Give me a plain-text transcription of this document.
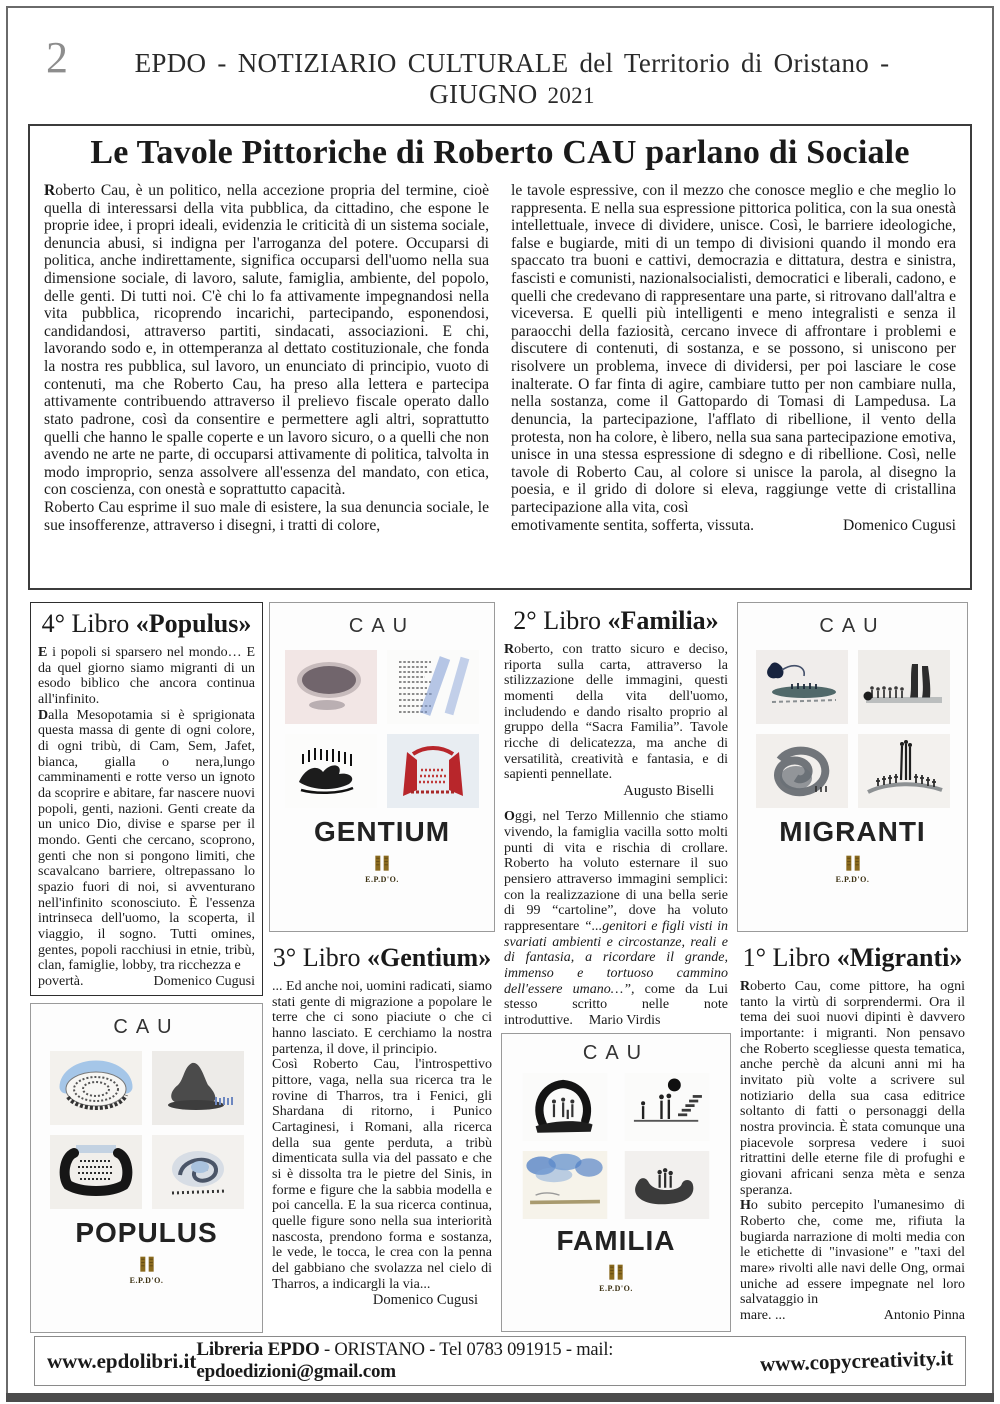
2	EPDO - NOTIZIARIO CULTURALE del Territorio di Oristano - GIUGNO 2021
Le Tavole Pittoriche di Roberto CAU parlano di Sociale

Roberto Cau, è un politico, nella accezione propria del termine, cioè quella di interessarsi della vita pubblica, da cittadino, che espone le proprie idee, i propri ideali, evidenzia le criticità di un sistema sociale, denuncia abusi, si indigna per l'arroganza del potere. Occuparsi di politica, anche indirettamente, significa occuparsi dell'uomo nella sua dimensione sociale, di lavoro, salute, famiglia, ambiente, del popolo, delle genti. Di tutti noi. C'è chi lo fa attivamente impegnandosi nella vita pubblica, ricoprendo incarichi, partecipando, esponendosi, candidandosi, attraverso partiti, sindacati, associazioni. E chi, lavorando sodo e, in ottemperanza al dettato costituzionale, che fonda la nostra res pubblica, sul lavoro, un enunciato di principio, vuoto di contenuti, ma che Roberto Cau, ha preso alla lettera e partecipa attivamente contribuendo attraverso il prelievo fiscale operato dallo stato padrone, così da consentire e permettere agli altri, soprattutto quelli che hanno le spalle coperte e un lavoro sicuro, o a quelli che non avendo ne arte ne parte, di occuparsi attivamente di politica, talvolta in modo improprio, senza assolvere all'essenza del mandato, con etica, con coscienza, con onestà e soprattutto capacità.

Roberto Cau esprime il suo male di esistere, la sua denuncia sociale, le sue insofferenze, attraverso i disegni, i tratti di colore,

le tavole espressive, con il mezzo che conosce meglio e che meglio lo rappresenta. E nella sua espressione pittorica politica, con la sua onestà intellettuale, invece di dividere, unisce. Così, le barriere ideologiche, false e bugiarde, miti di un tempo di divisioni quando il mondo era spaccato tra buoni e cattivi, democrazia e dittatura, destra e sinistra, fascisti e comunisti, nazionalsocialisti, democratici e liberali, cadono, e quelli che credevano di rappresentare una parte, si ritrovano dall'altra e viceversa. E quelli più intelligenti e meno integralisti e senza il paraocchi della faziosità, cercano invece di affrontare i problemi e discutere di contenuti, di sostanza, e se possono, si uniscono per risolvere un problema, invece di dividersi, per poi lasciare le cose inalterate. O far finta di agire, cambiare tutto per non cambiare nulla, nella sostanza, come il Gattopardo di Tomasi di Lampedusa. La denuncia, la partecipazione, l'afflato di ribellione, il vento della protesta, non ha colore, è libero, nella sua sana partecipazione emotiva, unisce in una stessa espressione di sdegno e di ribellione. Così, nelle tavole di Roberto Cau, al colore si unisce la parola, al disegno la poesia, e il grido di dolore si eleva, raggiunge vette di cristallina partecipazione alla vita, così

emotivamente sentita, sofferta, vissuta.	Domenico Cugusi
4° Libro «Populus»

E i popoli si sparsero nel mondo… E da quel giorno siamo migranti di un esodo biblico che ancora continua all'infinito.

Dalla Mesopotamia si è sprigionata questa massa di gente di ogni colore, di ogni tribù, di Cam, Sem, Jafet, bianca, gialla o nera,lungo camminamenti e rotte verso un ignoto da scoprire e abitare, far nascere nuovi popoli, genti, nazioni. Genti create da un unico Dio, divise e sparse per il mondo. Genti che cercano, scoprono, genti che non si pongono limiti, che scavalcano barriere, oltrepassano lo spazio fuori di noi, si avventurano nell'infinito sconosciuto. È l'essenza intrinseca dell'uomo, la scoperta, il viaggio, il sogno. Tutti omines, gentes, popoli racchiusi in etnie, tribù, clan, famiglie, lobby, tra ricchezza e

povertà.	Domenico Cugusi
CAU
POPULUS
E.P.D'O.
CAU
GENTIUM
E.P.D'O.
3° Libro «Gentium»

... Ed anche noi, uomini radicati, siamo stati gente di migrazione a popolare le terre che ci sono piaciute o che ci hanno lasciato. E cerchiamo la nostra partenza, il dove, il principio.

Così Roberto Cau, l'introspettivo pittore, vaga, nella sua ricerca tra le rovine di Tharros, tra i Fenici, gli Shardana di ritorno, i Punico Cartaginesi, i Romani, alla ricerca della sua gente perduta, a tribù dimenticata sulla via del passato e che si è dissolta tra le pietre del Sinis, in forme e figure che la sabbia modella e poi cancella. E la sua ricerca continua, quelle figure sono nella sua interiorità nascosta, prendono forma e sostanza, le vede, le tocca, le crea con la penna del gabbiano che svolazza nel cielo di Tharros, a indicargli la via...

Domenico Cugusi
2° Libro «Familia»

Roberto, con tratto sicuro e deciso, riporta sulla carta, attraverso la stilizzazione delle immagini, questi momenti della vita dell'uomo, includendo e dando risalto proprio al gruppo della “Sacra Familia”. Tavole ricche di delicatezza, ma anche di versatilità, creatività e fantasia, e di sapienti pennellate.

Augusto Biselli

Oggi, nel Terzo Millennio che stiamo vivendo, la famiglia vacilla sotto molti punti di vita e rischia di crollare. Roberto ha voluto esternare il suo pensiero attraverso immagini semplici: con la realizzazione di una bella serie di 99 “cartoline”, dove ha voluto rappresentare “...genitori e figli visti in svariati ambienti e circostanze, reali e di fantasia, a ricordare il grande, immenso e tortuoso cammino dell'essere umano…”, come da Lui stesso scritto nelle note introduttive. Mario Virdis

CAU
FAMILIA
E.P.D'O.
CAU
MIGRANTI
E.P.D'O.
1° Libro «Migranti»

Roberto Cau, come pittore, ha ogni tanto la virtù di sorprendermi. Ora il tema dei suoi nuovi dipinti è davvero importante: i migranti. Non pensavo che Roberto scegliesse questa tematica, anche perchè da alcuni anni mi ha invitato più volte a scrivere sul notiziario della sua casa editrice soltanto di fatti o personaggi della nostra provincia. È stata comunque una piacevole sorpresa vedere i suoi ritrattini delle eterne file di profughi e giovani africani senza mèta e senza speranza.

Ho subito percepito l'umanesimo di Roberto che, come me, rifiuta la bugiarda narrazione di molti media con le etichette di "invasione" e "taxi del mare» rivolti alle navi delle Ong, ormai uniche ad essere impegnate nel loro salvataggio in

mare. ...	Antonio Pinna
www.epdolibri.it Libreria EPDO - ORISTANO - Tel 0783 091915 - mail: epdoedizioni@gmail.com	www.copycreativity.it
